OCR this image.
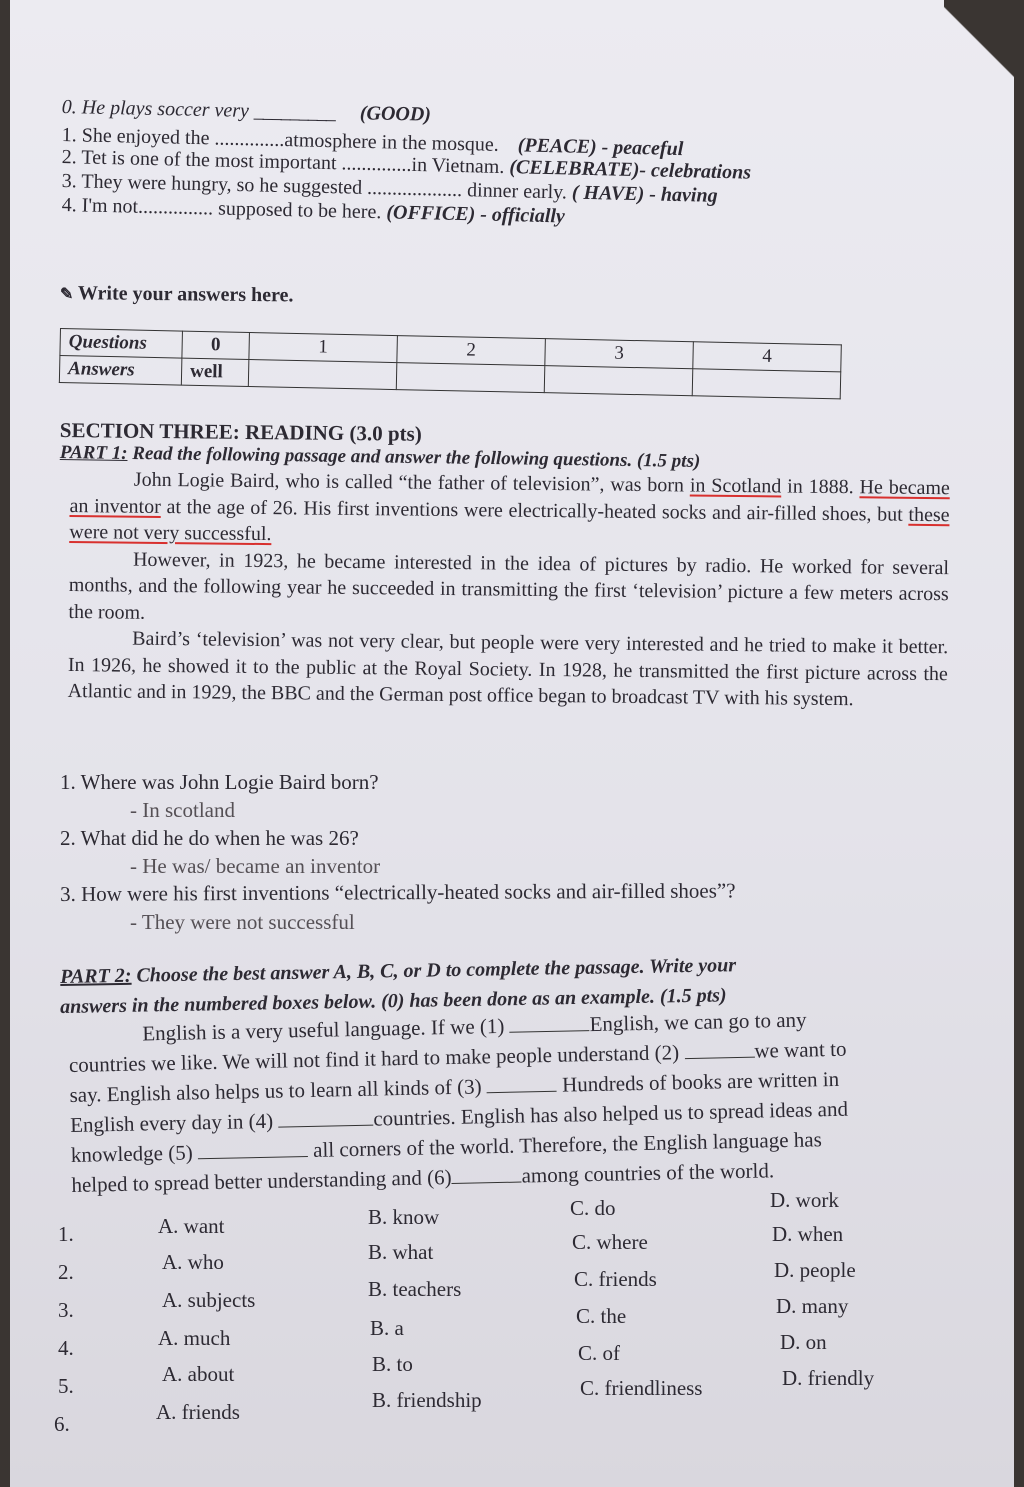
0. He plays soccer very _________ (GOOD)
1. She enjoyed the ..............atmosphere in the mosque. (PEACE) - peaceful
2. Tet is one of the most important ..............in Vietnam. (CELEBRATE)- celebrations
3. They were hungry, so he suggested ................... dinner early. ( HAVE) - having
4. I'm not............... supposed to be here. (OFFICE) - officially
✎ Write your answers here.
Questions	0	1	2	3	4
Answers	well				
SECTION THREE: READING (3.0 pts)
PART 1: Read the following passage and answer the following questions. (1.5 pts)

John Logie Baird, who is called “the father of television”, was born in Scotland in 1888. He became an inventor at the age of 26. His first inventions were electrically-heated socks and air-filled shoes, but these were not very successful.

However, in 1923, he became interested in the idea of pictures by radio. He worked for several months, and the following year he succeeded in transmitting the first ‘television’ picture a few meters across the room.

Baird’s ‘television’ was not very clear, but people were very interested and he tried to make it better. In 1926, he showed it to the public at the Royal Society. In 1928, he transmitted the first picture across the Atlantic and in 1929, the BBC and the German post office began to broadcast TV with his system.

1. Where was John Logie Baird born?
- In scotland
2. What did he do when he was 26?
- He was/ became an inventor
3. How were his first inventions “electrically-heated socks and air-filled shoes”?
- They were not successful
PART 2: Choose the best answer A, B, C, or D to complete the passage. Write your
answers in the numbered boxes below. (0) has been done as an example. (1.5 pts)
English is a very useful language. If we (1)	English, we can go to any
countries we like. We will not find it hard to make people understand (2)	we want to
say. English also helps us to learn all kinds of (3)	Hundreds of books are written in
English every day in (4)	countries. English has also helped us to spread ideas and
knowledge (5)	all corners of the world. Therefore, the English language has
helped to spread better understanding and (6)	among countries of the world.
1.	A. want	B. know	C. do	D. work
2.	A. who	B. what	C. where	D. when
3.	A. subjects	B. teachers	C. friends	D. people
4.	A. much	B. a	C. the	D. many
5.	A. about	B. to	C. of	D. on
6.	A. friends	B. friendship	C. friendliness	D. friendly
